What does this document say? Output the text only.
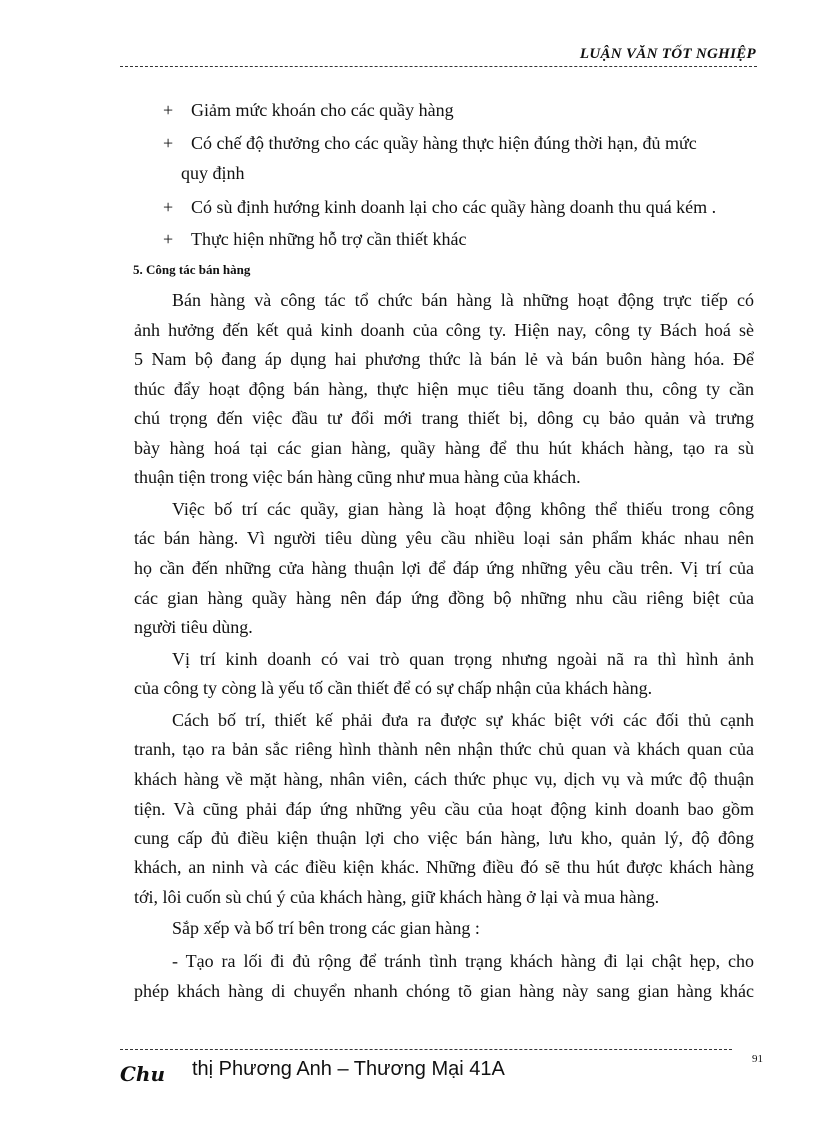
LUẬN VĂN TỐT NGHIỆP
+ Giảm mức khoán cho các quầy hàng
+ Có chế độ thưởng cho các quầy hàng thực hiện đúng thời hạn, đủ mức
quy định
+ Có sù định hướng kinh doanh lại cho các quầy hàng doanh thu quá kém .
+ Thực hiện những hỗ trợ cần thiết khác
5. Công tác bán hàng
Bán hàng và công tác tổ chức bán hàng là những hoạt động trực tiếp có
ảnh hưởng đến kết quả kinh doanh của công ty. Hiện nay, công ty Bách hoá sè
5 Nam bộ đang áp dụng hai phương thức là bán lẻ và bán buôn hàng hóa. Để
thúc đẩy hoạt động bán hàng, thực hiện mục tiêu tăng doanh thu, công ty cần
chú trọng đến việc đầu tư đổi mới trang thiết bị, dông cụ bảo quản và trưng
bày hàng hoá tại các gian hàng, quầy hàng để thu hút khách hàng, tạo ra sù
thuận tiện trong việc bán hàng cũng như mua hàng của khách.
Việc bố trí các quầy, gian hàng là hoạt động không thể thiếu trong công
tác bán hàng. Vì người tiêu dùng yêu cầu nhiều loại sản phẩm khác nhau nên
họ cần đến những cửa hàng thuận lợi để đáp ứng những yêu cầu trên. Vị trí của
các gian hàng quầy hàng nên đáp ứng đồng bộ những nhu cầu riêng biệt của
người tiêu dùng.
Vị trí kinh doanh có vai trò quan trọng nhưng ngoài nã ra thì hình ảnh
của công ty còng là yếu tố cần thiết để có sự chấp nhận của khách hàng.
Cách bố trí, thiết kế phải đưa ra được sự khác biệt với các đối thủ cạnh
tranh, tạo ra bản sắc riêng hình thành nên nhận thức chủ quan và khách quan của
khách hàng về mặt hàng, nhân viên, cách thức phục vụ, dịch vụ và mức độ thuận
tiện. Và cũng phải đáp ứng những yêu cầu của hoạt động kinh doanh bao gồm
cung cấp đủ điều kiện thuận lợi cho việc bán hàng, lưu kho, quản lý, độ đông
khách, an ninh và các điều kiện khác. Những điều đó sẽ thu hút được khách hàng
tới, lôi cuốn sù chú ý của khách hàng, giữ khách hàng ở lại và mua hàng.
Sắp xếp và bố trí bên trong các gian hàng :
- Tạo ra lối đi đủ rộng để tránh tình trạng khách hàng đi lại chật hẹp, cho
phép khách hàng di chuyển nhanh chóng tõ gian hàng này sang gian hàng khác
Chu thị Phương Anh – Thương Mại 41A	91
